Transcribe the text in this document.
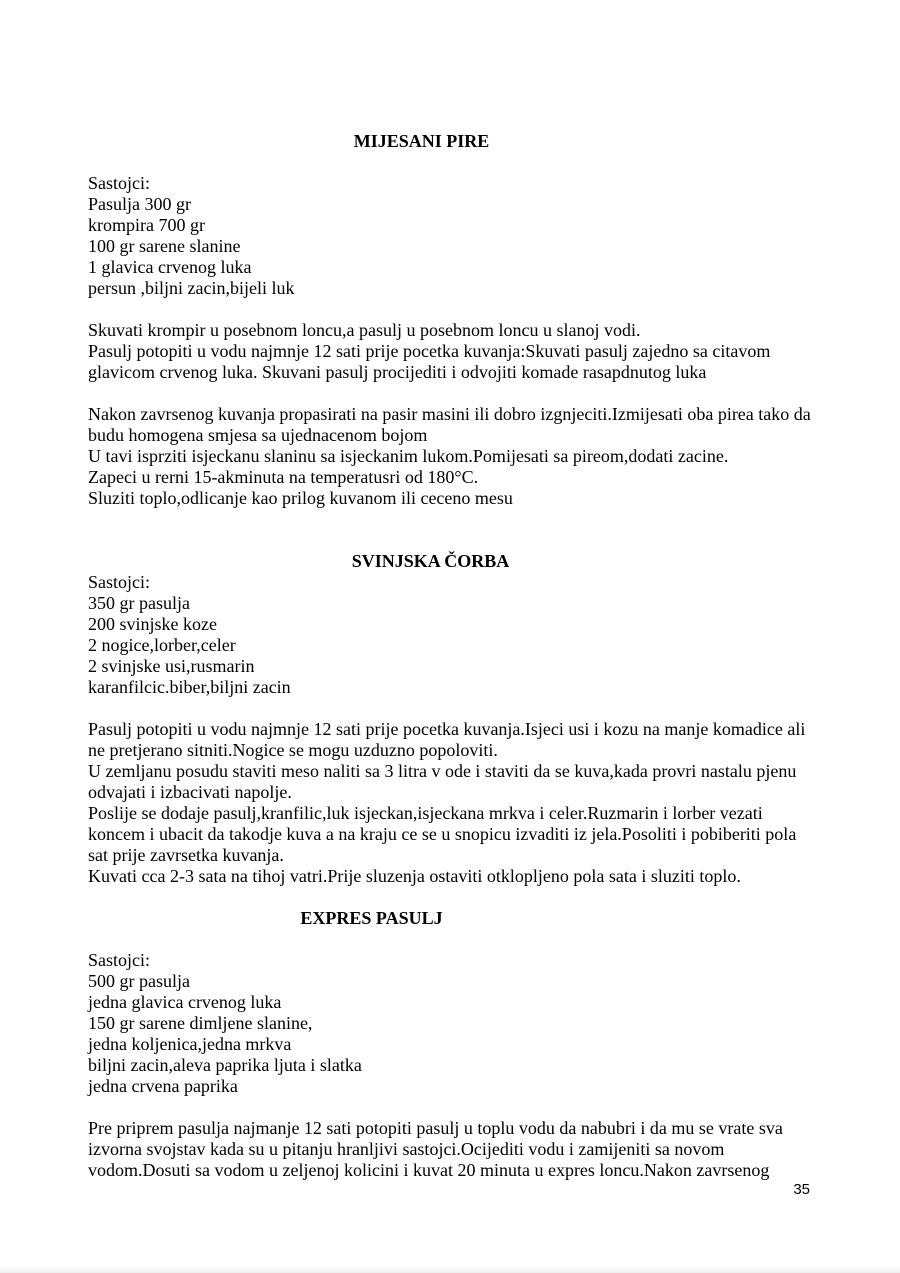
MIJESANI PIRE
Sastojci:
Pasulja 300 gr
krompira 700 gr
100 gr sarene slanine
1 glavica crvenog luka
persun ,biljni zacin,bijeli luk
Skuvati krompir u posebnom loncu,a pasulj u posebnom loncu u slanoj vodi.
Pasulj potopiti u vodu najmnje 12 sati prije pocetka kuvanja:Skuvati pasulj zajedno sa citavom glavicom crvenog luka. Skuvani pasulj procijediti i odvojiti komade rasapdnutog luka
Nakon zavrsenog kuvanja propasirati na pasir masini ili dobro izgnjeciti.Izmijesati oba pirea tako da budu homogena smjesa sa ujednacenom bojom
U tavi isprziti isjeckanu slaninu sa isjeckanim lukom.Pomijesati sa pireom,dodati zacine.
Zapeci u rerni 15-akminuta na temperatusri od 180°C.
Sluziti toplo,odlicanje kao prilog kuvanom ili ceceno mesu
SVINJSKA ČORBA
Sastojci:
350 gr pasulja
200 svinjske koze
2 nogice,lorber,celer
2 svinjske usi,rusmarin
karanfilcic.biber,biljni zacin
Pasulj potopiti u vodu najmnje 12 sati prije pocetka kuvanja.Isjeci usi i kozu na manje komadice ali ne pretjerano sitniti.Nogice se mogu uzduzno popoloviti.
U zemljanu posudu staviti meso naliti sa 3 litra v ode i staviti da se kuva,kada provri nastalu pjenu odvajati i izbacivati napolje.
Poslije se dodaje pasulj,kranfilic,luk isjeckan,isjeckana mrkva i celer.Ruzmarin i lorber vezati koncem i ubacit da takodje kuva a na kraju ce se u snopicu izvaditi iz jela.Posoliti i pobiberiti pola sat prije zavrsetka kuvanja.
Kuvati cca 2-3 sata na tihoj vatri.Prije sluzenja ostaviti otklopljeno pola sata i sluziti toplo.
EXPRES PASULJ
Sastojci:
500 gr pasulja
jedna glavica crvenog luka
150 gr sarene dimljene slanine,
jedna koljenica,jedna mrkva
biljni zacin,aleva paprika ljuta i slatka
jedna crvena paprika
Pre priprem pasulja najmanje 12 sati potopiti pasulj u toplu vodu da nabubri i da mu se vrate sva izvorna svojstav kada su u pitanju hranljivi sastojci.Ocijediti vodu i zamijeniti sa novom vodom.Dosuti sa vodom u zeljenoj kolicini i kuvat 20 minuta u expres loncu.Nakon zavrsenog
35
